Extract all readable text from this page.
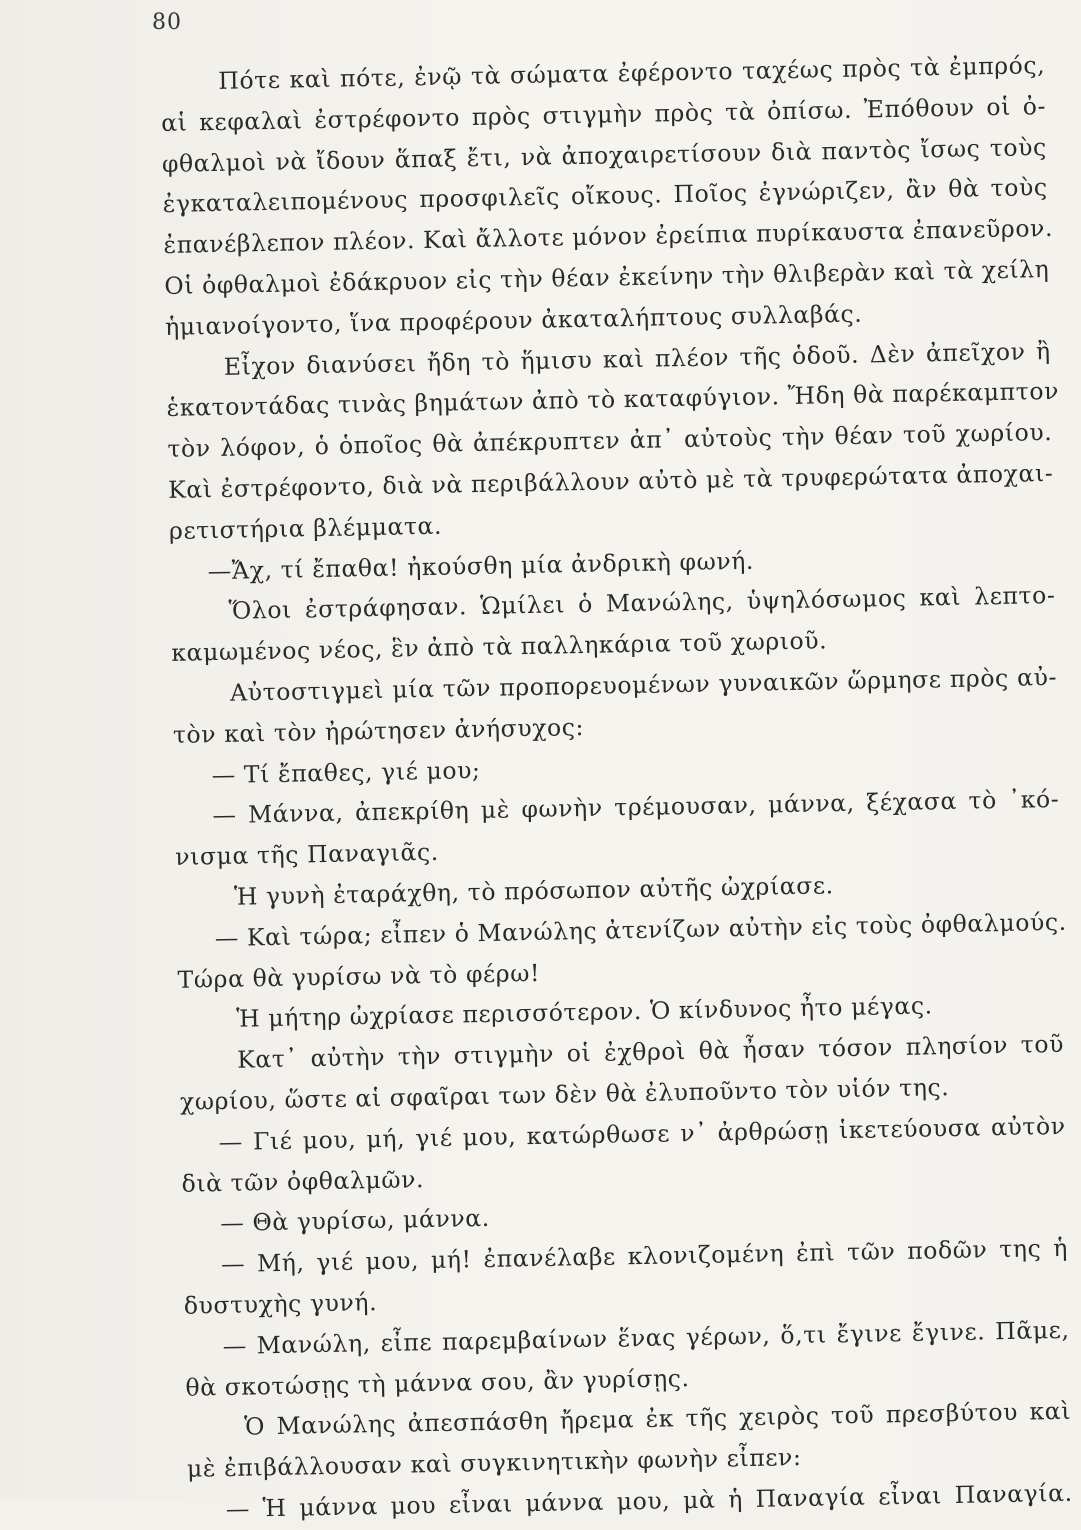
80
Πότε καὶ πότε, ἐνῷ τὰ σώματα ἐφέροντο ταχέως πρὸς τὰ ἐμπρός,
αἱ κεφαλαὶ ἐστρέφοντο πρὸς στιγμὴν πρὸς τὰ ὀπίσω. Ἐπόθουν οἱ ὀ-
φθαλμοὶ νὰ ἴδουν ἅπαξ ἔτι, νὰ ἀποχαιρετίσουν διὰ παντὸς ἴσως τοὺς
ἐγκαταλειπομένους προσφιλεῖς οἴκους. Ποῖος ἐγνώριζεν, ἂν θὰ τοὺς
ἐπανέβλεπον πλέον. Καὶ ἄλλοτε μόνον ἐρείπια πυρίκαυστα ἐπανεῦρον.
Οἱ ὀφθαλμοὶ ἐδάκρυον εἰς τὴν θέαν ἐκείνην τὴν θλιβερὰν καὶ τὰ χείλη
ἡμιανοίγοντο, ἵνα προφέρουν ἀκαταλήπτους συλλαβάς.
Εἶχον διανύσει ἤδη τὸ ἥμισυ καὶ πλέον τῆς ὁδοῦ. Δὲν ἀπεῖχον ἢ
ἑκατοντάδας τινὰς βημάτων ἀπὸ τὸ καταφύγιον. Ἤδη θὰ παρέκαμπτον
τὸν λόφον, ὁ ὁποῖος θὰ ἀπέκρυπτεν ἀπ᾽ αὐτοὺς τὴν θέαν τοῦ χωρίου.
Καὶ ἐστρέφοντο, διὰ νὰ περιβάλλουν αὐτὸ μὲ τὰ τρυφερώτατα ἀποχαι-
ρετιστήρια βλέμματα.
—Ἄχ, τί ἔπαθα! ἠκούσθη μία ἀνδρικὴ φωνή.
Ὅλοι ἐστράφησαν. Ὡμίλει ὁ Μανώλης, ὑψηλόσωμος καὶ λεπτο-
καμωμένος νέος, ἓν ἀπὸ τὰ παλληκάρια τοῦ χωριοῦ.
Αὐτοστιγμεὶ μία τῶν προπορευομένων γυναικῶν ὥρμησε πρὸς αὐ-
τὸν καὶ τὸν ἠρώτησεν ἀνήσυχος:
— Τί ἔπαθες, γιέ μου;
— Μάννα, ἀπεκρίθη μὲ φωνὴν τρέμουσαν, μάννα, ξέχασα τὸ ᾽κό-
νισμα τῆς Παναγιᾶς.
Ἡ γυνὴ ἐταράχθη, τὸ πρόσωπον αὐτῆς ὠχρίασε.
— Καὶ τώρα; εἶπεν ὁ Μανώλης ἀτενίζων αὐτὴν εἰς τοὺς ὀφθαλμούς.
Τώρα θὰ γυρίσω νὰ τὸ φέρω!
Ἡ μήτηρ ὠχρίασε περισσότερον. Ὁ κίνδυνος ἦτο μέγας.
Κατ᾽ αὐτὴν τὴν στιγμὴν οἱ ἐχθροὶ θὰ ἦσαν τόσον πλησίον τοῦ
χωρίου, ὥστε αἱ σφαῖραι των δὲν θὰ ἐλυποῦντο τὸν υἱόν της.
— Γιέ μου, μή, γιέ μου, κατώρθωσε ν᾽ ἀρθρώσῃ ἱκετεύουσα αὐτὸν
διὰ τῶν ὀφθαλμῶν.
— Θὰ γυρίσω, μάννα.
— Μή, γιέ μου, μή! ἐπανέλαβε κλονιζομένη ἐπὶ τῶν ποδῶν της ἡ
δυστυχὴς γυνή.
— Μανώλη, εἶπε παρεμβαίνων ἕνας γέρων, ὅ,τι ἔγινε ἔγινε. Πᾶμε,
θὰ σκοτώσῃς τὴ μάννα σου, ἂν γυρίσῃς.
Ὁ Μανώλης ἀπεσπάσθη ἤρεμα ἐκ τῆς χειρὸς τοῦ πρεσβύτου καὶ
μὲ ἐπιβάλλουσαν καὶ συγκινητικὴν φωνὴν εἶπεν:
— Ἡ μάννα μου εἶναι μάννα μου, μὰ ἡ Παναγία εἶναι Παναγία.
